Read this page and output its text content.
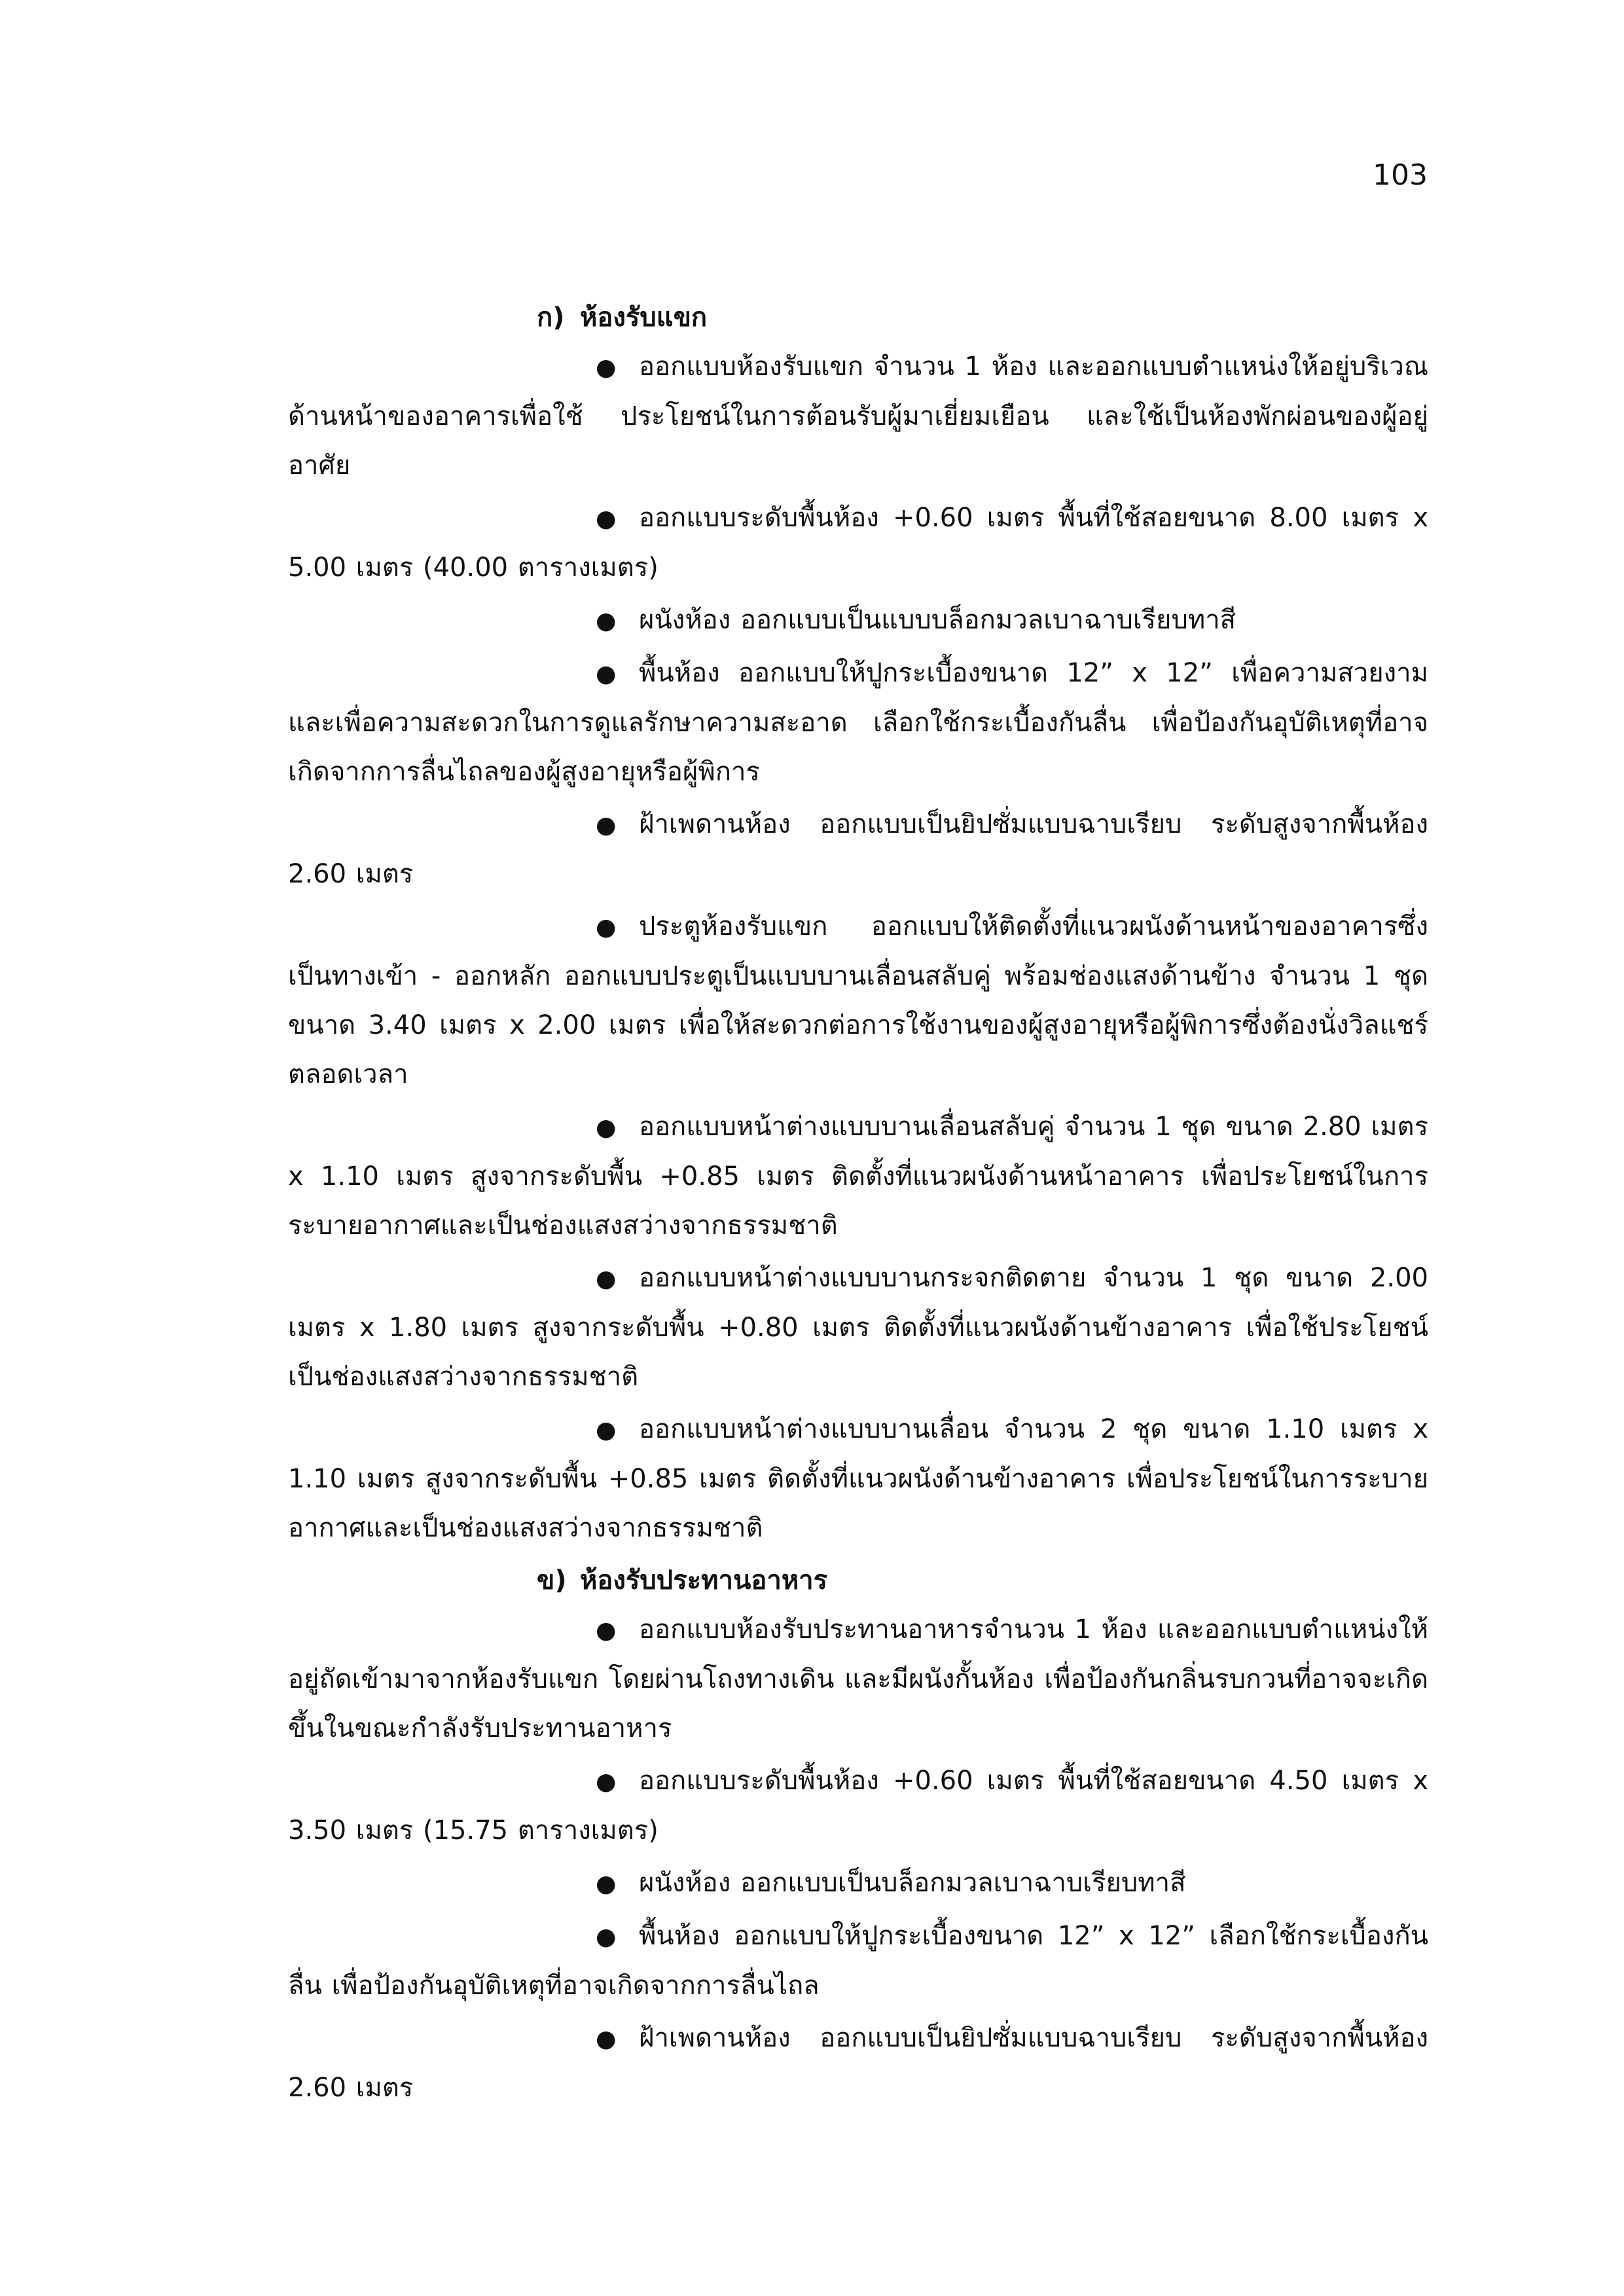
103
ก) ห้องรับแขก

● ออกแบบห้องรับแขก จำนวน 1 ห้อง และออกแบบตำแหน่งให้อยู่บริเวณด้านหน้าของอาคารเพื่อใช้ ประโยชน์ในการต้อนรับผู้มาเยี่ยมเยือน และใช้เป็นห้องพักผ่อนของผู้อยู่อาศัย

● ออกแบบระดับพื้นห้อง +0.60 เมตร พื้นที่ใช้สอยขนาด 8.00 เมตร x 5.00 เมตร (40.00 ตารางเมตร)

● ผนังห้อง ออกแบบเป็นแบบบล็อกมวลเบาฉาบเรียบทาสี

● พื้นห้อง ออกแบบให้ปูกระเบื้องขนาด 12” x 12” เพื่อความสวยงามและเพื่อความสะดวกในการดูแลรักษาความสะอาด เลือกใช้กระเบื้องกันลื่น เพื่อป้องกันอุบัติเหตุที่อาจเกิดจากการลื่นไถลของผู้สูงอายุหรือผู้พิการ

● ฝ้าเพดานห้อง ออกแบบเป็นยิปซั่มแบบฉาบเรียบ ระดับสูงจากพื้นห้อง 2.60 เมตร

● ประตูห้องรับแขก ออกแบบให้ติดตั้งที่แนวผนังด้านหน้าของอาคารซึ่งเป็นทางเข้า - ออกหลัก ออกแบบประตูเป็นแบบบานเลื่อนสลับคู่ พร้อมช่องแสงด้านข้าง จำนวน 1 ชุด ขนาด 3.40 เมตร x 2.00 เมตร เพื่อให้สะดวกต่อการใช้งานของผู้สูงอายุหรือผู้พิการซึ่งต้องนั่งวิลแชร์ตลอดเวลา

● ออกแบบหน้าต่างแบบบานเลื่อนสลับคู่ จำนวน 1 ชุด ขนาด 2.80 เมตร x 1.10 เมตร สูงจากระดับพื้น +0.85 เมตร ติดตั้งที่แนวผนังด้านหน้าอาคาร เพื่อประโยชน์ในการระบายอากาศและเป็นช่องแสงสว่างจากธรรมชาติ

● ออกแบบหน้าต่างแบบบานกระจกติดตาย จำนวน 1 ชุด ขนาด 2.00 เมตร x 1.80 เมตร สูงจากระดับพื้น +0.80 เมตร ติดตั้งที่แนวผนังด้านข้างอาคาร เพื่อใช้ประโยชน์เป็นช่องแสงสว่างจากธรรมชาติ

● ออกแบบหน้าต่างแบบบานเลื่อน จำนวน 2 ชุด ขนาด 1.10 เมตร x 1.10 เมตร สูงจากระดับพื้น +0.85 เมตร ติดตั้งที่แนวผนังด้านข้างอาคาร เพื่อประโยชน์ในการระบายอากาศและเป็นช่องแสงสว่างจากธรรมชาติ

ข) ห้องรับประทานอาหาร

● ออกแบบห้องรับประทานอาหารจำนวน 1 ห้อง และออกแบบตำแหน่งให้อยู่ถัดเข้ามาจากห้องรับแขก โดยผ่านโถงทางเดิน และมีผนังกั้นห้อง เพื่อป้องกันกลิ่นรบกวนที่อาจจะเกิดขึ้นในขณะกำลังรับประทานอาหาร

● ออกแบบระดับพื้นห้อง +0.60 เมตร พื้นที่ใช้สอยขนาด 4.50 เมตร x 3.50 เมตร (15.75 ตารางเมตร)

● ผนังห้อง ออกแบบเป็นบล็อกมวลเบาฉาบเรียบทาสี

● พื้นห้อง ออกแบบให้ปูกระเบื้องขนาด 12” x 12” เลือกใช้กระเบื้องกันลื่น เพื่อป้องกันอุบัติเหตุที่อาจเกิดจากการลื่นไถล

● ฝ้าเพดานห้อง ออกแบบเป็นยิปซั่มแบบฉาบเรียบ ระดับสูงจากพื้นห้อง 2.60 เมตร
